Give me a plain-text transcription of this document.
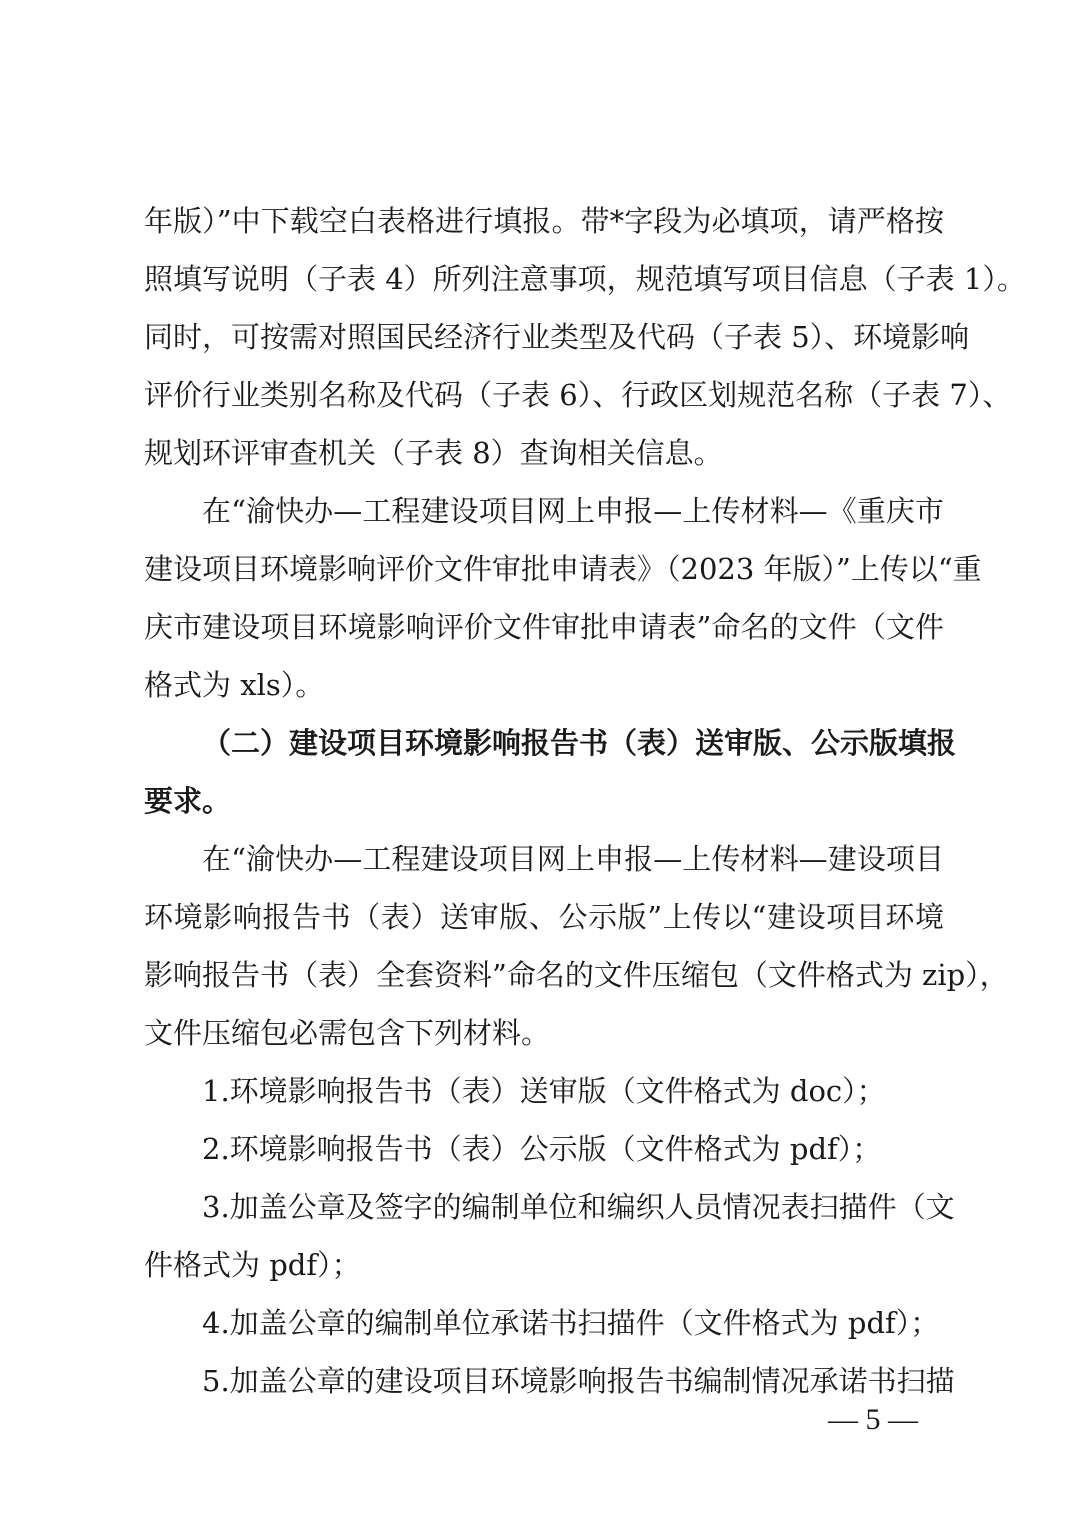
年版）”中下载空白表格进行填报。带*字段为必填项，请严格按
照填写说明（子表 4）所列注意事项，规范填写项目信息（子表 1）。
同时，可按需对照国民经济行业类型及代码（子表 5）、环境影响
评价行业类别名称及代码（子表 6）、行政区划规范名称（子表 7）、
规划环评审查机关（子表 8）查询相关信息。
在“渝快办—工程建设项目网上申报—上传材料—《重庆市
建设项目环境影响评价文件审批申请表》（2023 年版）”上传以“重
庆市建设项目环境影响评价文件审批申请表”命名的文件（文件
格式为 xls）。
（二）建设项目环境影响报告书（表）送审版、公示版填报
要求。
在“渝快办—工程建设项目网上申报—上传材料—建设项目
环境影响报告书（表）送审版、公示版”上传以“建设项目环境
影响报告书（表）全套资料”命名的文件压缩包（文件格式为 zip），
文件压缩包必需包含下列材料。
1.环境影响报告书（表）送审版（文件格式为 doc）；
2.环境影响报告书（表）公示版（文件格式为 pdf）；
3.加盖公章及签字的编制单位和编织人员情况表扫描件（文
件格式为 pdf）；
4.加盖公章的编制单位承诺书扫描件（文件格式为 pdf）；
5.加盖公章的建设项目环境影响报告书编制情况承诺书扫描
— 5 —
